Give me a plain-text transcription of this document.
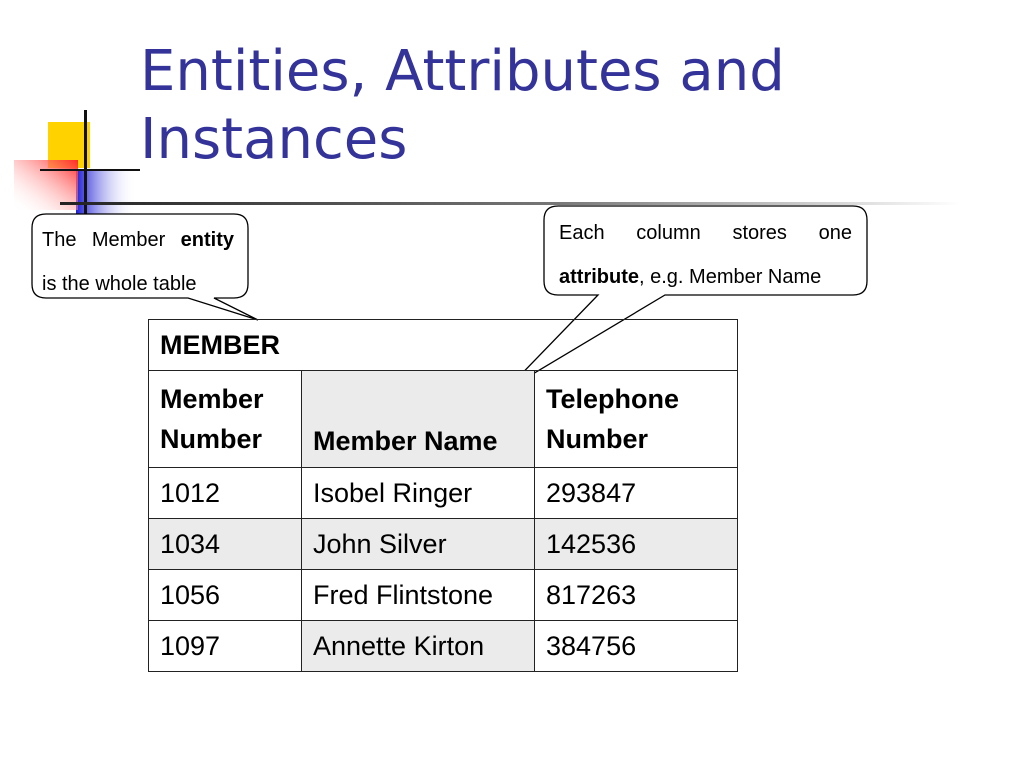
Entities, Attributes and Instances
The Member entity
is the whole table
Each column stores one
attribute, e.g. Member Name
MEMBER		
Member Number	Member Name	Telephone Number
1012	Isobel Ringer	293847
1034	John Silver	142536
1056	Fred Flintstone	817263
1097	Annette Kirton	384756
